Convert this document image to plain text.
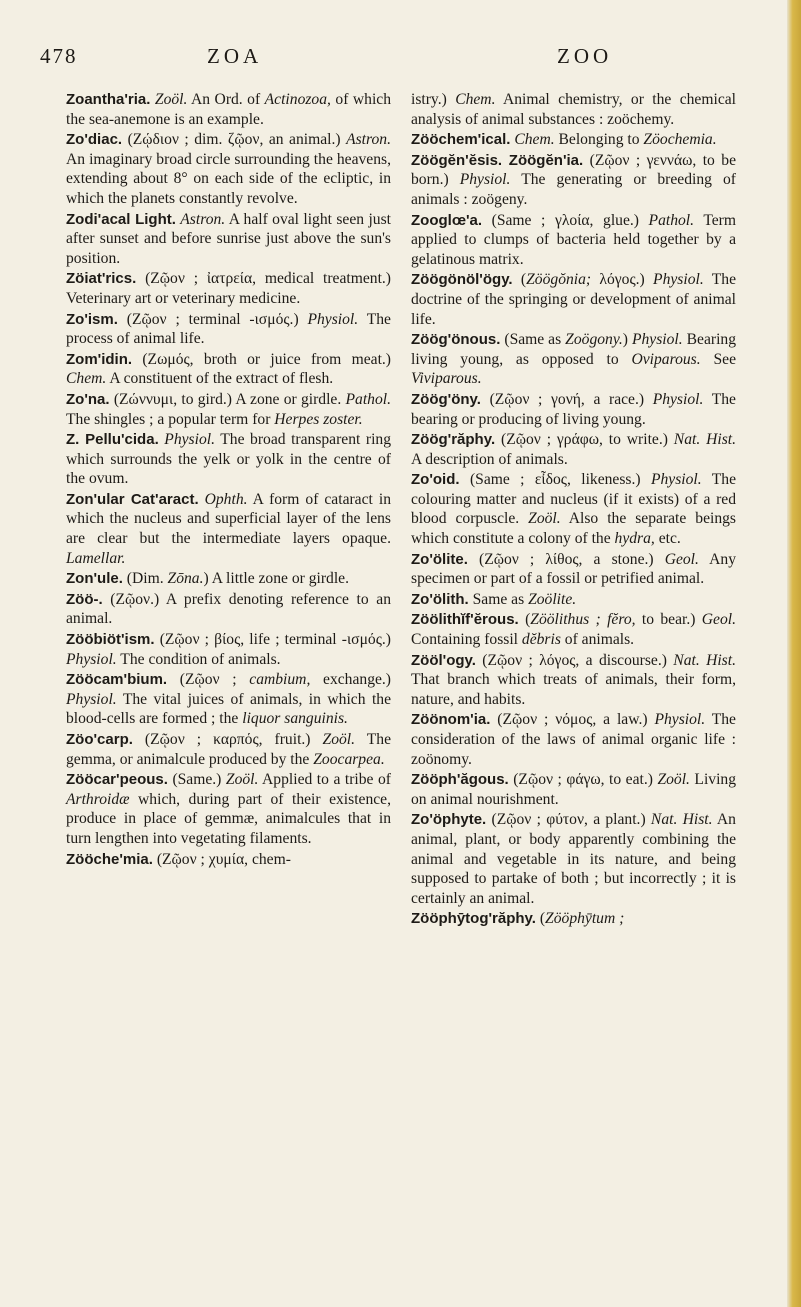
478	ZOA	ZOO

Zoantha'ria. Zoöl. An Ord. of Actinozoa, of which the sea-anemone is an example.

Zo'diac. (Ζῴδιον ; dim. ζῷον, an animal.) Astron. An imaginary broad circle surrounding the heavens, extending about 8° on each side of the ecliptic, in which the planets constantly revolve.

Zodi'acal Light. Astron. A half oval light seen just after sunset and before sunrise just above the sun's position.

Zöiat'rics. (Ζῷον ; ἰατρεία, medical treatment.) Veterinary art or veterinary medicine.

Zo'ism. (Ζῷον ; terminal -ισμός.) Physiol. The process of animal life.

Zom'idin. (Ζωμός, broth or juice from meat.) Chem. A constituent of the extract of flesh.

Zo'na. (Ζώννυμι, to gird.) A zone or girdle. Pathol. The shingles ; a popular term for Herpes zoster.

Z. Pellu'cida. Physiol. The broad transparent ring which surrounds the yelk or yolk in the centre of the ovum.

Zon'ular Cat'aract. Ophth. A form of cataract in which the nucleus and superficial layer of the lens are clear but the intermediate layers opaque. Lamellar.

Zon'ule. (Dim. Zōna.) A little zone or girdle.

Zöö-. (Ζῷον.) A prefix denoting reference to an animal.

Zööbiöt'ism. (Ζῷον ; βίος, life ; terminal -ισμός.) Physiol. The condition of animals.

Zööcam'bium. (Ζῷον ; cambium, exchange.) Physiol. The vital juices of animals, in which the blood-cells are formed ; the liquor sanguinis.

Zöo'carp. (Ζῷον ; καρπός, fruit.) Zoöl. The gemma, or animalcule produced by the Zoocarpea.

Zööcar'peous. (Same.) Zoöl. Applied to a tribe of Arthroidæ which, during part of their existence, produce in place of gemmæ, animalcules that in turn lengthen into vegetating filaments.

Zööche'mia. (Ζῷον ; χυμία, chem-

istry.) Chem. Animal chemistry, or the chemical analysis of animal substances : zoöchemy.

Zööchem'ical. Chem. Belonging to Zöochemia.

Zöögĕn'ĕsis. Zöögĕn'ia. (Ζῷον ; γεννάω, to be born.) Physiol. The generating or breeding of animals : zoögeny.

Zooglœ'a. (Same ; γλοία, glue.) Pathol. Term applied to clumps of bacteria held together by a gelatinous matrix.

Zöögönöl'ögy. (Zöögŏnia; λόγος.) Physiol. The doctrine of the springing or development of animal life.

Zöög'önous. (Same as Zoögony.) Physiol. Bearing living young, as opposed to Oviparous. See Viviparous.

Zöög'öny. (Ζῷον ; γονή, a race.) Physiol. The bearing or producing of living young.

Zöög'răphy. (Ζῷον ; γράφω, to write.) Nat. Hist. A description of animals.

Zo'oid. (Same ; εἶδος, likeness.) Physiol. The colouring matter and nucleus (if it exists) of a red blood corpuscle. Zoöl. Also the separate beings which constitute a colony of the hydra, etc.

Zo'ölite. (Ζῷον ; λίθος, a stone.) Geol. Any specimen or part of a fossil or petrified animal.

Zo'ölith. Same as Zoölite.

Zöölithĭf'ĕrous. (Zöölithus ; fĕro, to bear.) Geol. Containing fossil dĕbris of animals.

Zööl'ogy. (Ζῷον ; λόγος, a discourse.) Nat. Hist. That branch which treats of animals, their form, nature, and habits.

Zöönom'ia. (Ζῷον ; νόμος, a law.) Physiol. The consideration of the laws of animal organic life : zoönomy.

Zööph'ăgous. (Ζῷον ; φάγω, to eat.) Zoöl. Living on animal nourishment.

Zo'öphyte. (Ζῷον ; φύτον, a plant.) Nat. Hist. An animal, plant, or body apparently combining the animal and vegetable in its nature, and being supposed to partake of both ; but incorrectly ; it is certainly an animal.

Zööphȳtog'răphy. (Zööphȳtum ;
